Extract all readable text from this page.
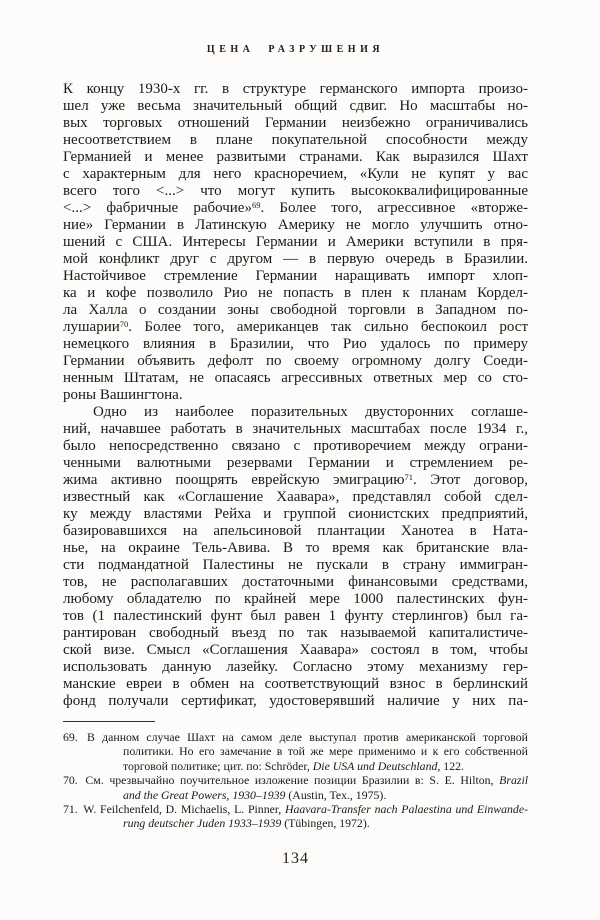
ЦЕНА РАЗРУШЕНИЯ
К концу 1930-х гг. в структуре германского импорта произо-
шел уже весьма значительный общий сдвиг. Но масштабы но-
вых торговых отношений Германии неизбежно ограничивались
несоответствием в плане покупательной способности между
Германией и менее развитыми странами. Как выразился Шахт
с характерным для него красноречием, «Кули не купят у вас
всего того <...> что могут купить высококвалифицированные
<...> фабричные рабочие»$^{69}$. Более того, агрессивное «вторже-
ние» Германии в Латинскую Америку не могло улучшить отно-
шений с США. Интересы Германии и Америки вступили в пря-
мой конфликт друг с другом — в первую очередь в Бразилии.
Настойчивое стремление Германии наращивать импорт хлоп-
ка и кофе позволило Рио не попасть в плен к планам Кордел-
ла Халла о создании зоны свободной торговли в Западном по-
лушарии$^{70}$. Более того, американцев так сильно беспокоил рост
немецкого влияния в Бразилии, что Рио удалось по примеру
Германии объявить дефолт по своему огромному долгу Соеди-
ненным Штатам, не опасаясь агрессивных ответных мер со сто-
роны Вашингтона.
Одно из наиболее поразительных двусторонних соглаше-
ний, начавшее работать в значительных масштабах после 1934 г.,
было непосредственно связано с противоречием между ограни-
ченными валютными резервами Германии и стремлением ре-
жима активно поощрять еврейскую эмиграцию$^{71}$. Этот договор,
известный как «Соглашение Хаавара», представлял собой сдел-
ку между властями Рейха и группой сионистских предприятий,
базировавшихся на апельсиновой плантации Ханотеа в Ната-
нье, на окраине Тель-Авива. В то время как британские вла-
сти подмандатной Палестины не пускали в страну иммигран-
тов, не располагавших достаточными финансовыми средствами,
любому обладателю по крайней мере 1000 палестинских фун-
тов (1 палестинский фунт был равен 1 фунту стерлингов) был га-
рантирован свободный въезд по так называемой капиталистиче-
ской визе. Смысл «Соглашения Хаавара» состоял в том, чтобы
использовать данную лазейку. Согласно этому механизму гер-
манские евреи в обмен на соответствующий взнос в берлинский
фонд получали сертификат, удостоверявший наличие у них па-
69. В данном случае Шахт на самом деле выступал против американской торговой
политики. Но его замечание в той же мере применимо и к его собственной
торговой политике; цит. по: Schröder, Die USA und Deutschland, 122.
70. См. чрезвычайно поучительное изложение позиции Бразилии в: S. E. Hilton, Brazil
and the Great Powers, 1930–1939 (Austin, Tex., 1975).
71. W. Feilchenfeld, D. Michaelis, L. Pinner, Haavara-Transfer nach Palaestina und Einwande-
rung deutscher Juden 1933–1939 (Tübingen, 1972).
134
